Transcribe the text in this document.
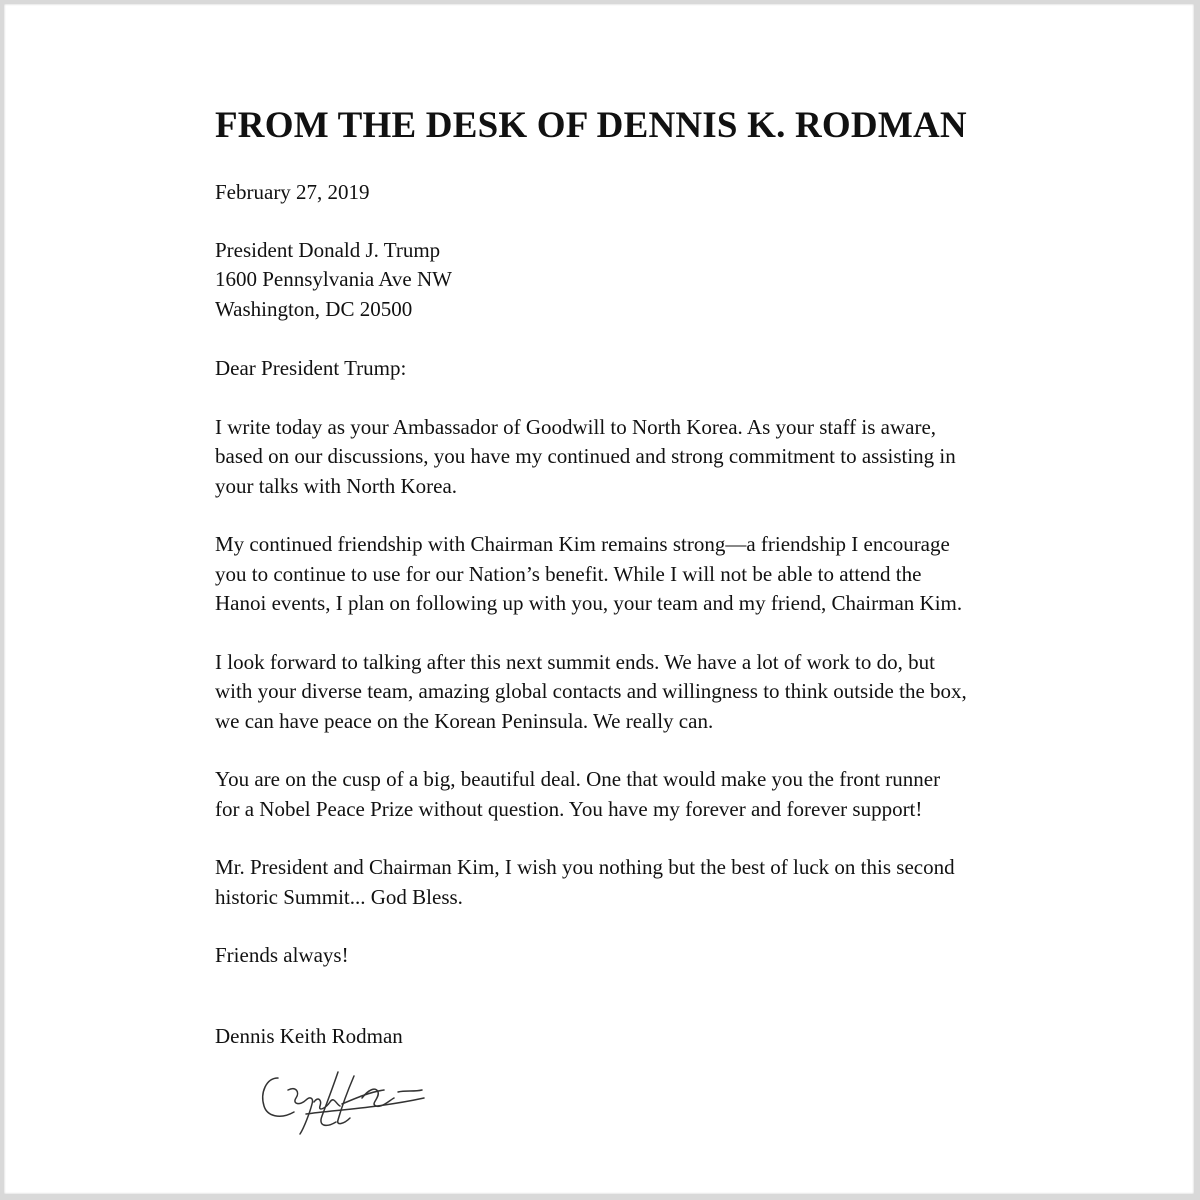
FROM THE DESK OF DENNIS K. RODMAN
February 27, 2019
President Donald J. Trump
1600 Pennsylvania Ave NW
Washington, DC 20500
Dear President Trump:
I write today as your Ambassador of Goodwill to North Korea. As your staff is aware,
based on our discussions, you have my continued and strong commitment to assisting in
your talks with North Korea.
My continued friendship with Chairman Kim remains strong—a friendship I encourage
you to continue to use for our Nation’s benefit. While I will not be able to attend the
Hanoi events, I plan on following up with you, your team and my friend, Chairman Kim.
I look forward to talking after this next summit ends. We have a lot of work to do, but
with your diverse team, amazing global contacts and willingness to think outside the box,
we can have peace on the Korean Peninsula. We really can.
You are on the cusp of a big, beautiful deal. One that would make you the front runner
for a Nobel Peace Prize without question. You have my forever and forever support!
Mr. President and Chairman Kim, I wish you nothing but the best of luck on this second
historic Summit... God Bless.
Friends always!
Dennis Keith Rodman
